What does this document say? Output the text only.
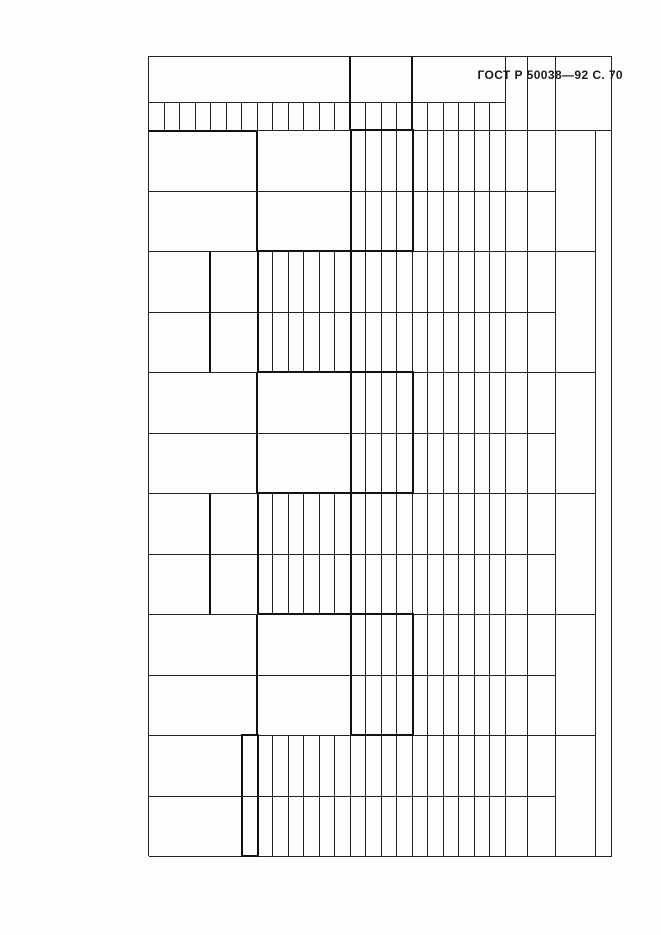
ГОСТ Р 50038—92 С. 70
